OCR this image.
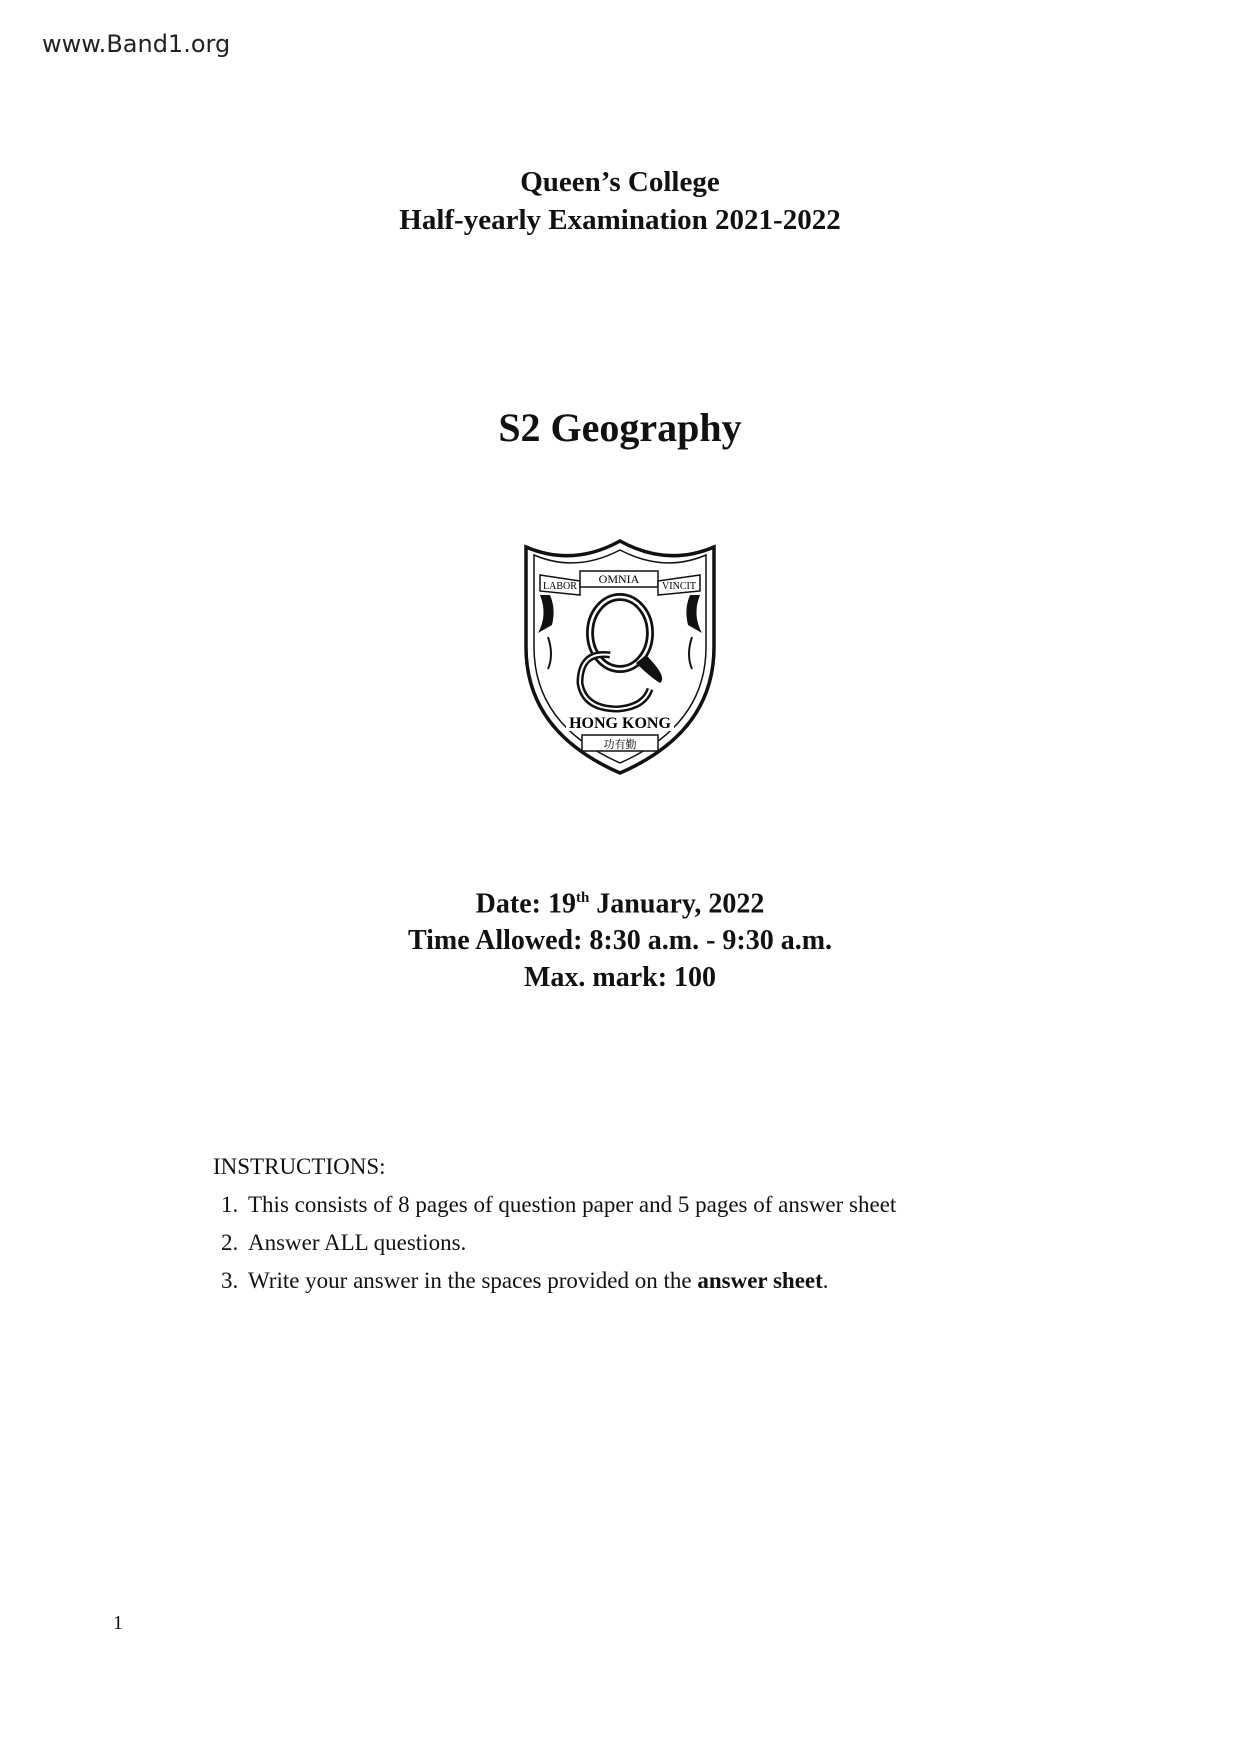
www.Band1.org
Queen’s College
Half-yearly Examination 2021-2022
S2 Geography
LABOR
OMNIA
VINCIT
HONG KONG
功有勤
Date: 19th January, 2022
Time Allowed: 8:30 a.m. - 9:30 a.m.
Max. mark: 100
INSTRUCTIONS:
1. This consists of 8 pages of question paper and 5 pages of answer sheet
2. Answer ALL questions.
3. Write your answer in the spaces provided on the answer sheet.
1
